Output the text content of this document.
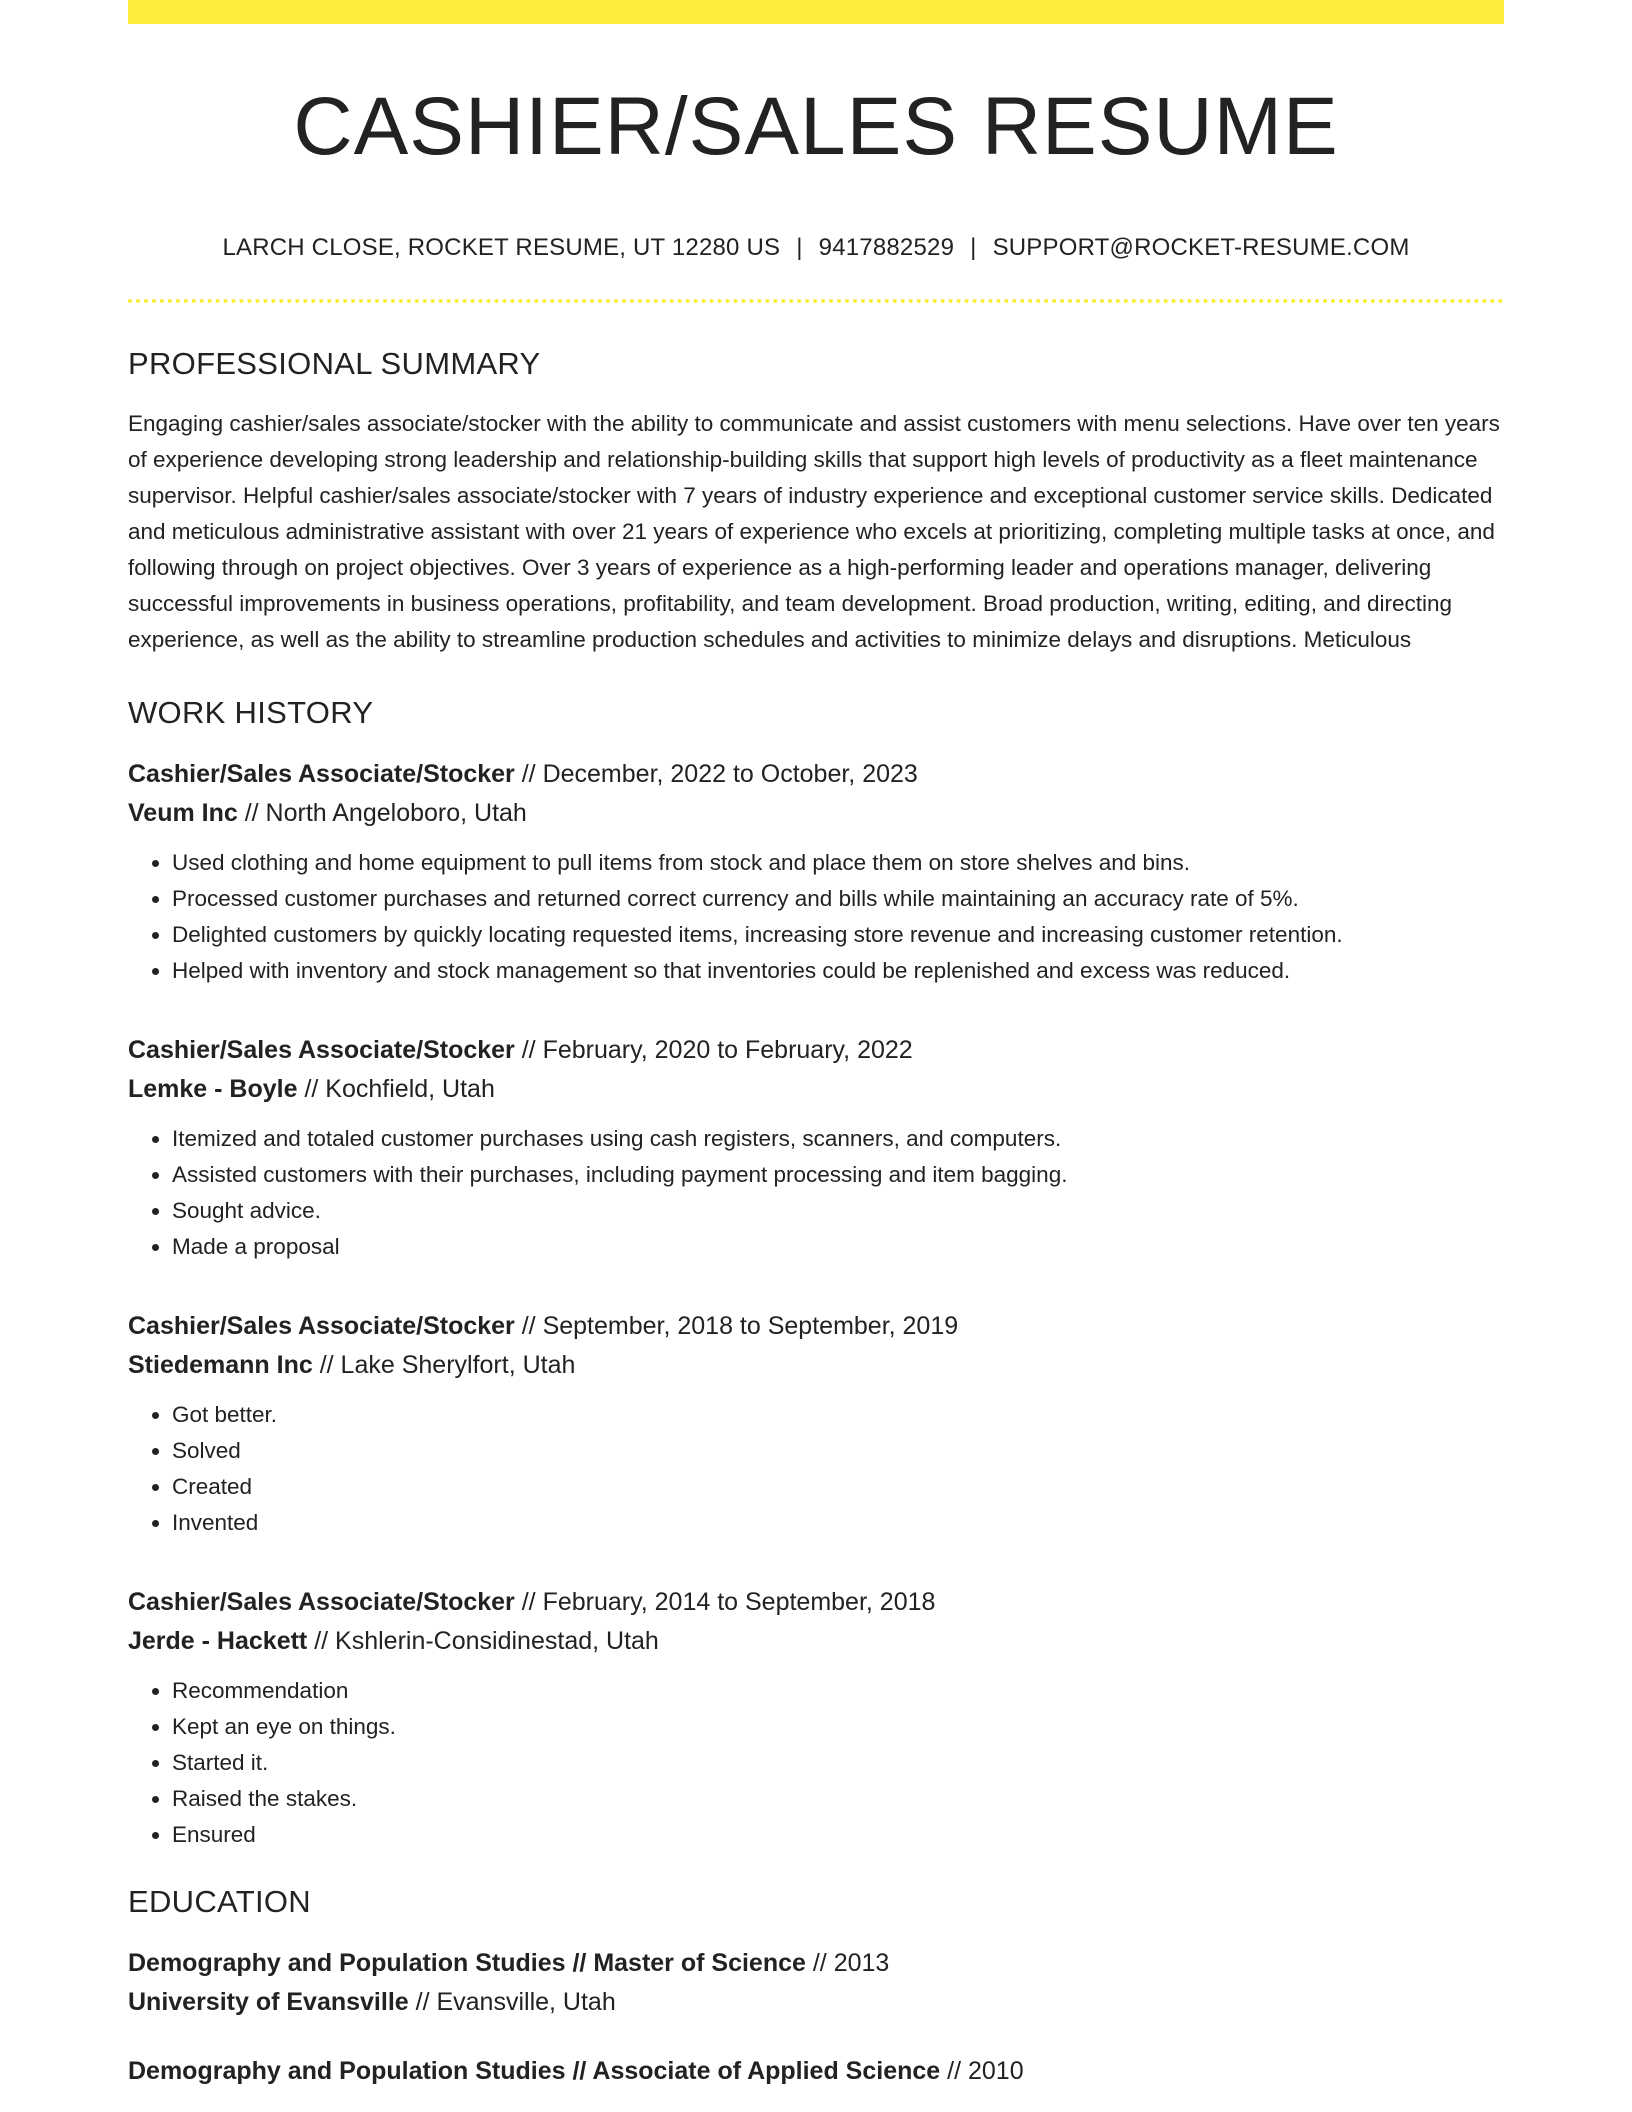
CASHIER/SALES RESUME
LARCH CLOSE, ROCKET RESUME, UT 12280 US | 9417882529 | SUPPORT@ROCKET-RESUME.COM
PROFESSIONAL SUMMARY

Engaging cashier/sales associate/stocker with the ability to communicate and assist customers with menu selections. Have over ten years of experience developing strong leadership and relationship-building skills that support high levels of productivity as a fleet maintenance supervisor. Helpful cashier/sales associate/stocker with 7 years of industry experience and exceptional customer service skills. Dedicated and meticulous administrative assistant with over 21 years of experience who excels at prioritizing, completing multiple tasks at once, and following through on project objectives. Over 3 years of experience as a high-performing leader and operations manager, delivering successful improvements in business operations, profitability, and team development. Broad production, writing, editing, and directing experience, as well as the ability to streamline production schedules and activities to minimize delays and disruptions. Meticulous

WORK HISTORY
Cashier/Sales Associate/Stocker // December, 2022 to October, 2023
Veum Inc // North Angeloboro, Utah
• Used clothing and home equipment to pull items from stock and place them on store shelves and bins.
• Processed customer purchases and returned correct currency and bills while maintaining an accuracy rate of 5%.
• Delighted customers by quickly locating requested items, increasing store revenue and increasing customer retention.
• Helped with inventory and stock management so that inventories could be replenished and excess was reduced.
Cashier/Sales Associate/Stocker // February, 2020 to February, 2022
Lemke - Boyle // Kochfield, Utah
• Itemized and totaled customer purchases using cash registers, scanners, and computers.
• Assisted customers with their purchases, including payment processing and item bagging.
• Sought advice.
• Made a proposal
Cashier/Sales Associate/Stocker // September, 2018 to September, 2019
Stiedemann Inc // Lake Sherylfort, Utah
• Got better.
• Solved
• Created
• Invented
Cashier/Sales Associate/Stocker // February, 2014 to September, 2018
Jerde - Hackett // Kshlerin-Considinestad, Utah
• Recommendation
• Kept an eye on things.
• Started it.
• Raised the stakes.
• Ensured
EDUCATION
Demography and Population Studies // Master of Science // 2013
University of Evansville // Evansville, Utah
Demography and Population Studies // Associate of Applied Science // 2010
